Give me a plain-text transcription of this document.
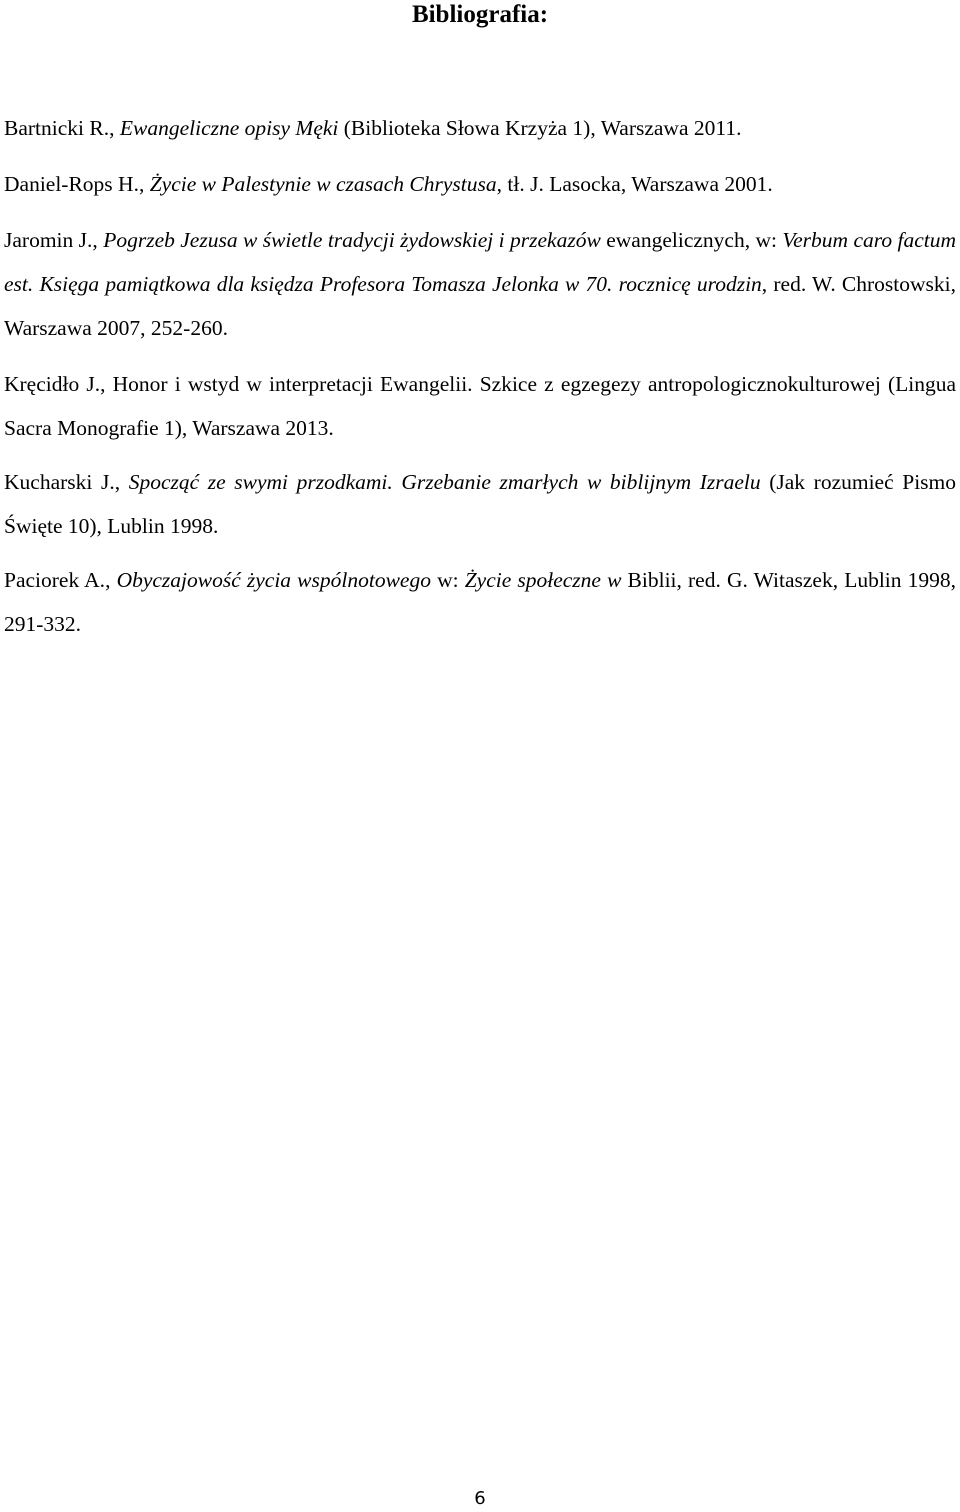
Bibliografia:

Bartnicki R., Ewangeliczne opisy Męki (Biblioteka Słowa Krzyża 1), Warszawa 2011.

Daniel-Rops H., Życie w Palestynie w czasach Chrystusa, tł. J. Lasocka, Warszawa 2001.

Jaromin J., Pogrzeb Jezusa w świetle tradycji żydowskiej i przekazów ewangelicznych, w: Verbum caro factum est. Księga pamiątkowa dla księdza Profesora Tomasza Jelonka w 70. rocznicę urodzin, red. W. Chrostowski, Warszawa 2007, 252-260.

Kręcidło J., Honor i wstyd w interpretacji Ewangelii. Szkice z egzegezy antropologicznokulturowej (Lingua Sacra Monografie 1), Warszawa 2013.

Kucharski J., Spocząć ze swymi przodkami. Grzebanie zmarłych w biblijnym Izraelu (Jak rozumieć Pismo Święte 10), Lublin 1998.

Paciorek A., Obyczajowość życia wspólnotowego w: Życie społeczne w Biblii, red. G. Witaszek, Lublin 1998, 291-332.

6
